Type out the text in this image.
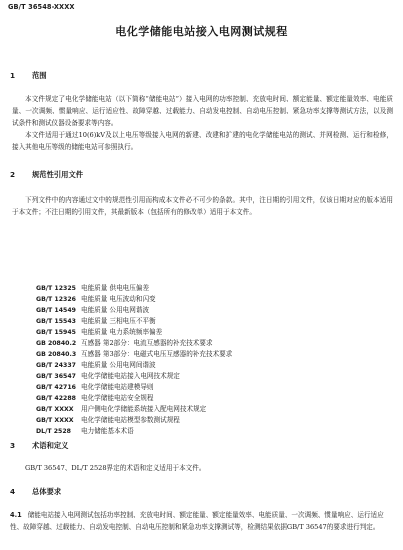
GB/T 36548-XXXX
电化学储能电站接入电网测试规程
1 范围

本文件规定了电化学储能电站（以下简称“储能电站”）接入电网的功率控制、充放电时间、额定能量、额定能量效率、电能质量、一次调频、惯量响应、运行适应性、故障穿越、过载能力、自动发电控制、自动电压控制、紧急功率支撑等测试方法，以及测试条件和测试仪器设备要求等内容。

本文件适用于通过10(6)kV及以上电压等级接入电网的新建、改建和扩建的电化学储能电站的测试、并网检测、运行和检修，接入其他电压等级的储能电站可参照执行。

2 规范性引用文件

下列文件中的内容通过文中的规范性引用而构成本文件必不可少的条款。其中，注日期的引用文件，仅该日期对应的版本适用于本文件；不注日期的引用文件，其最新版本（包括所有的修改单）适用于本文件。

GB/T 12325 电能质量 供电电压偏差
GB/T 12326 电能质量 电压波动和闪变
GB/T 14549 电能质量 公用电网谐波
GB/T 15543 电能质量 三相电压不平衡
GB/T 15945 电能质量 电力系统频率偏差
GB 20840.2 互感器 第2部分：电流互感器的补充技术要求
GB 20840.3 互感器 第3部分：电磁式电压互感器的补充技术要求
GB/T 24337 电能质量 公用电网间谐波
GB/T 36547 电化学储能电站接入电网技术规定
GB/T 42716 电化学储能电站建模导则
GB/T 42288 电化学储能电站安全规程
GB/T XXXX	用户侧电化学储能系统接入配电网技术规定
GB/T XXXX	电化学储能电站模型参数测试规程
DL/T 2528	电力储能基本术语
3 术语和定义

GB/T 36547、DL/T 2528界定的术语和定义适用于本文件。

4 总体要求

4.1 储能电站接入电网测试包括功率控制、充放电时间、额定能量、额定能量效率、电能质量、一次调频、惯量响应、运行适应性、故障穿越、过载能力、自动发电控制、自动电压控制和紧急功率支撑测试等，检测结果依据GB/T 36547的要求进行判定。
